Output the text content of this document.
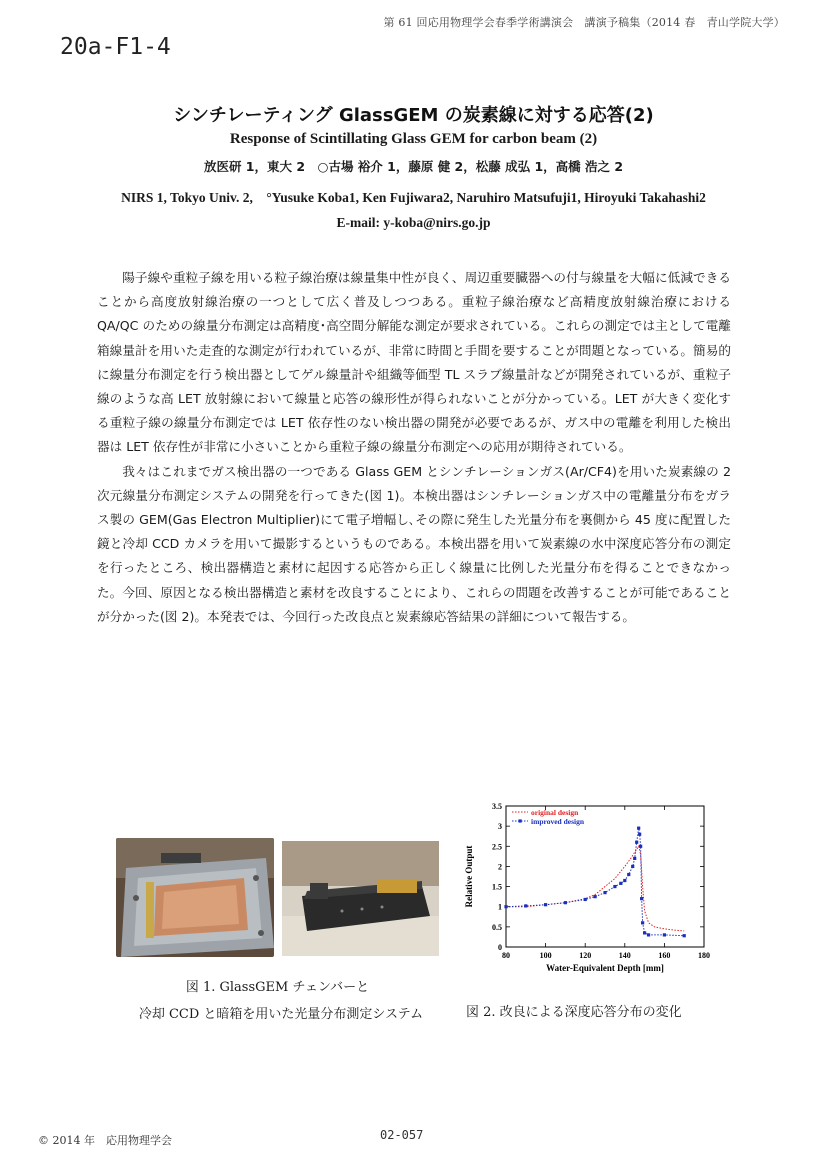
第 61 回応用物理学会春季学術講演会　講演予稿集（2014 春　青山学院大学）
20a-F1-4
シンチレーティング GlassGEM の炭素線に対する応答(2)
Response of Scintillating Glass GEM for carbon beam (2)
放医研 1，東大 2　○古場 裕介 1，藤原 健 2，松藤 成弘 1，高橋 浩之 2
NIRS 1, Tokyo Univ. 2,　°Yusuke Koba1, Ken Fujiwara2, Naruhiro Matsufuji1, Hiroyuki Takahashi2
E-mail: y-koba@nirs.go.jp

陽子線や重粒子線を用いる粒子線治療は線量集中性が良く、周辺重要臓器への付与線量を大幅に低減できることから高度放射線治療の一つとして広く普及しつつある。重粒子線治療など高精度放射線治療における QA/QC のための線量分布測定は高精度･高空間分解能な測定が要求されている。これらの測定では主として電離箱線量計を用いた走査的な測定が行われているが、非常に時間と手間を要することが問題となっている。簡易的に線量分布測定を行う検出器としてゲル線量計や組織等価型 TL スラブ線量計などが開発されているが、重粒子線のような高 LET 放射線において線量と応答の線形性が得られないことが分かっている。LET が大きく変化する重粒子線の線量分布測定では LET 依存性のない検出器の開発が必要であるが、ガス中の電離を利用した検出器は LET 依存性が非常に小さいことから重粒子線の線量分布測定への応用が期待されている。

我々はこれまでガス検出器の一つである Glass GEM とシンチレーションガス(Ar/CF4)を用いた炭素線の 2 次元線量分布測定システムの開発を行ってきた(図 1)。本検出器はシンチレーションガス中の電離量分布をガラス製の GEM(Gas Electron Multiplier)にて電子増幅し､その際に発生した光量分布を裏側から 45 度に配置した鏡と冷却 CCD カメラを用いて撮影するというものである。本検出器を用いて炭素線の水中深度応答分布の測定を行ったところ、検出器構造と素材に起因する応答から正しく線量に比例した光量分布を得ることできなかった。今回、原因となる検出器構造と素材を改良することにより、これらの問題を改善することが可能であることが分かった(図 2)。本発表では、今回行った改良点と炭素線応答結果の詳細について報告する。

図 1. GlassGEM チェンバーと
冷却 CCD と暗箱を用いた光量分布測定システム
80	100	120	140	160	180
0
0.5
1
1.5
2
2.5
3
3.5
Water-Equivalent Depth [mm]
Relative Output
original design
improved design
図 2. 改良による深度応答分布の変化
© 2014 年　応用物理学会	02-057
